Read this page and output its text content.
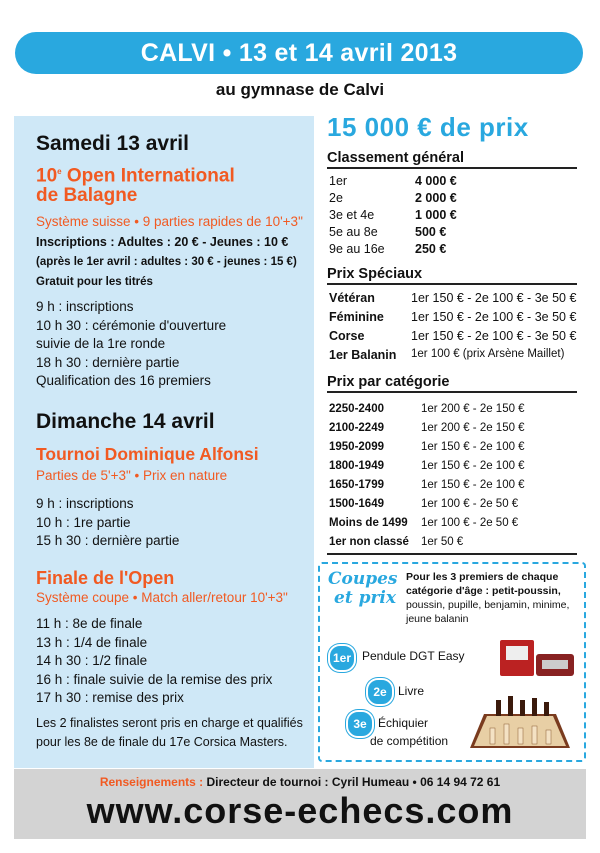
CALVI • 13 et 14 avril 2013
au gymnase de Calvi
Samedi 13 avril
10e Open International
de Balagne
Système suisse • 9 parties rapides de 10'+3"
Inscriptions : Adultes : 20 € - Jeunes : 10 €
(après le 1er avril : adultes : 30 € - jeunes : 15 €)
Gratuit pour les titrés
9 h : inscriptions
10 h 30 : cérémonie d'ouverture
suivie de la 1re ronde
18 h 30 : dernière partie
Qualification des 16 premiers
Dimanche 14 avril
Tournoi Dominique Alfonsi
Parties de 5'+3" • Prix en nature
9 h : inscriptions
10 h : 1re partie
15 h 30 : dernière partie
Finale de l'Open
Système coupe • Match aller/retour 10'+3"
11 h : 8e de finale
13 h : 1/4 de finale
14 h 30 : 1/2 finale
16 h : finale suivie de la remise des prix
17 h 30 : remise des prix
Les 2 finalistes seront pris en charge et qualifiés
pour les 8e de finale du 17e Corsica Masters.
15 000 € de prix
Classement général
1er	4 000 €
2e	2 000 €
3e et 4e	1 000 €
5e au 8e	500 €
9e au 16e 250 €
Prix Spéciaux
Vétéran	1er 150 € - 2e 100 € - 3e 50 €
Féminine 1er 150 € - 2e 100 € - 3e 50 €
Corse	1er 150 € - 2e 100 € - 3e 50 €
1er Balanin 1er 100 € (prix Arsène Maillet)
Prix par catégorie
2250-2400	1er 200 € - 2e 150 €
2100-2249	1er 200 € - 2e 150 €
1950-2099	1er 150 € - 2e 100 €
1800-1949	1er 150 € - 2e 100 €
1650-1799	1er 150 € - 2e 100 €
1500-1649	1er 100 € - 2e 50 €
Moins de 1499 1er 100 € - 2e 50 €
1er non classé 1er 50 €
Coupes
et prix
Pour les 3 premiers de chaque
catégorie d'âge : petit-poussin,
poussin, pupille, benjamin, minime,
jeune balanin
1er Pendule DGT Easy
2e Livre
3e Échiquier
de compétition
Renseignements : Directeur de tournoi : Cyril Humeau • 06 14 94 72 61
www.corse-echecs.com
